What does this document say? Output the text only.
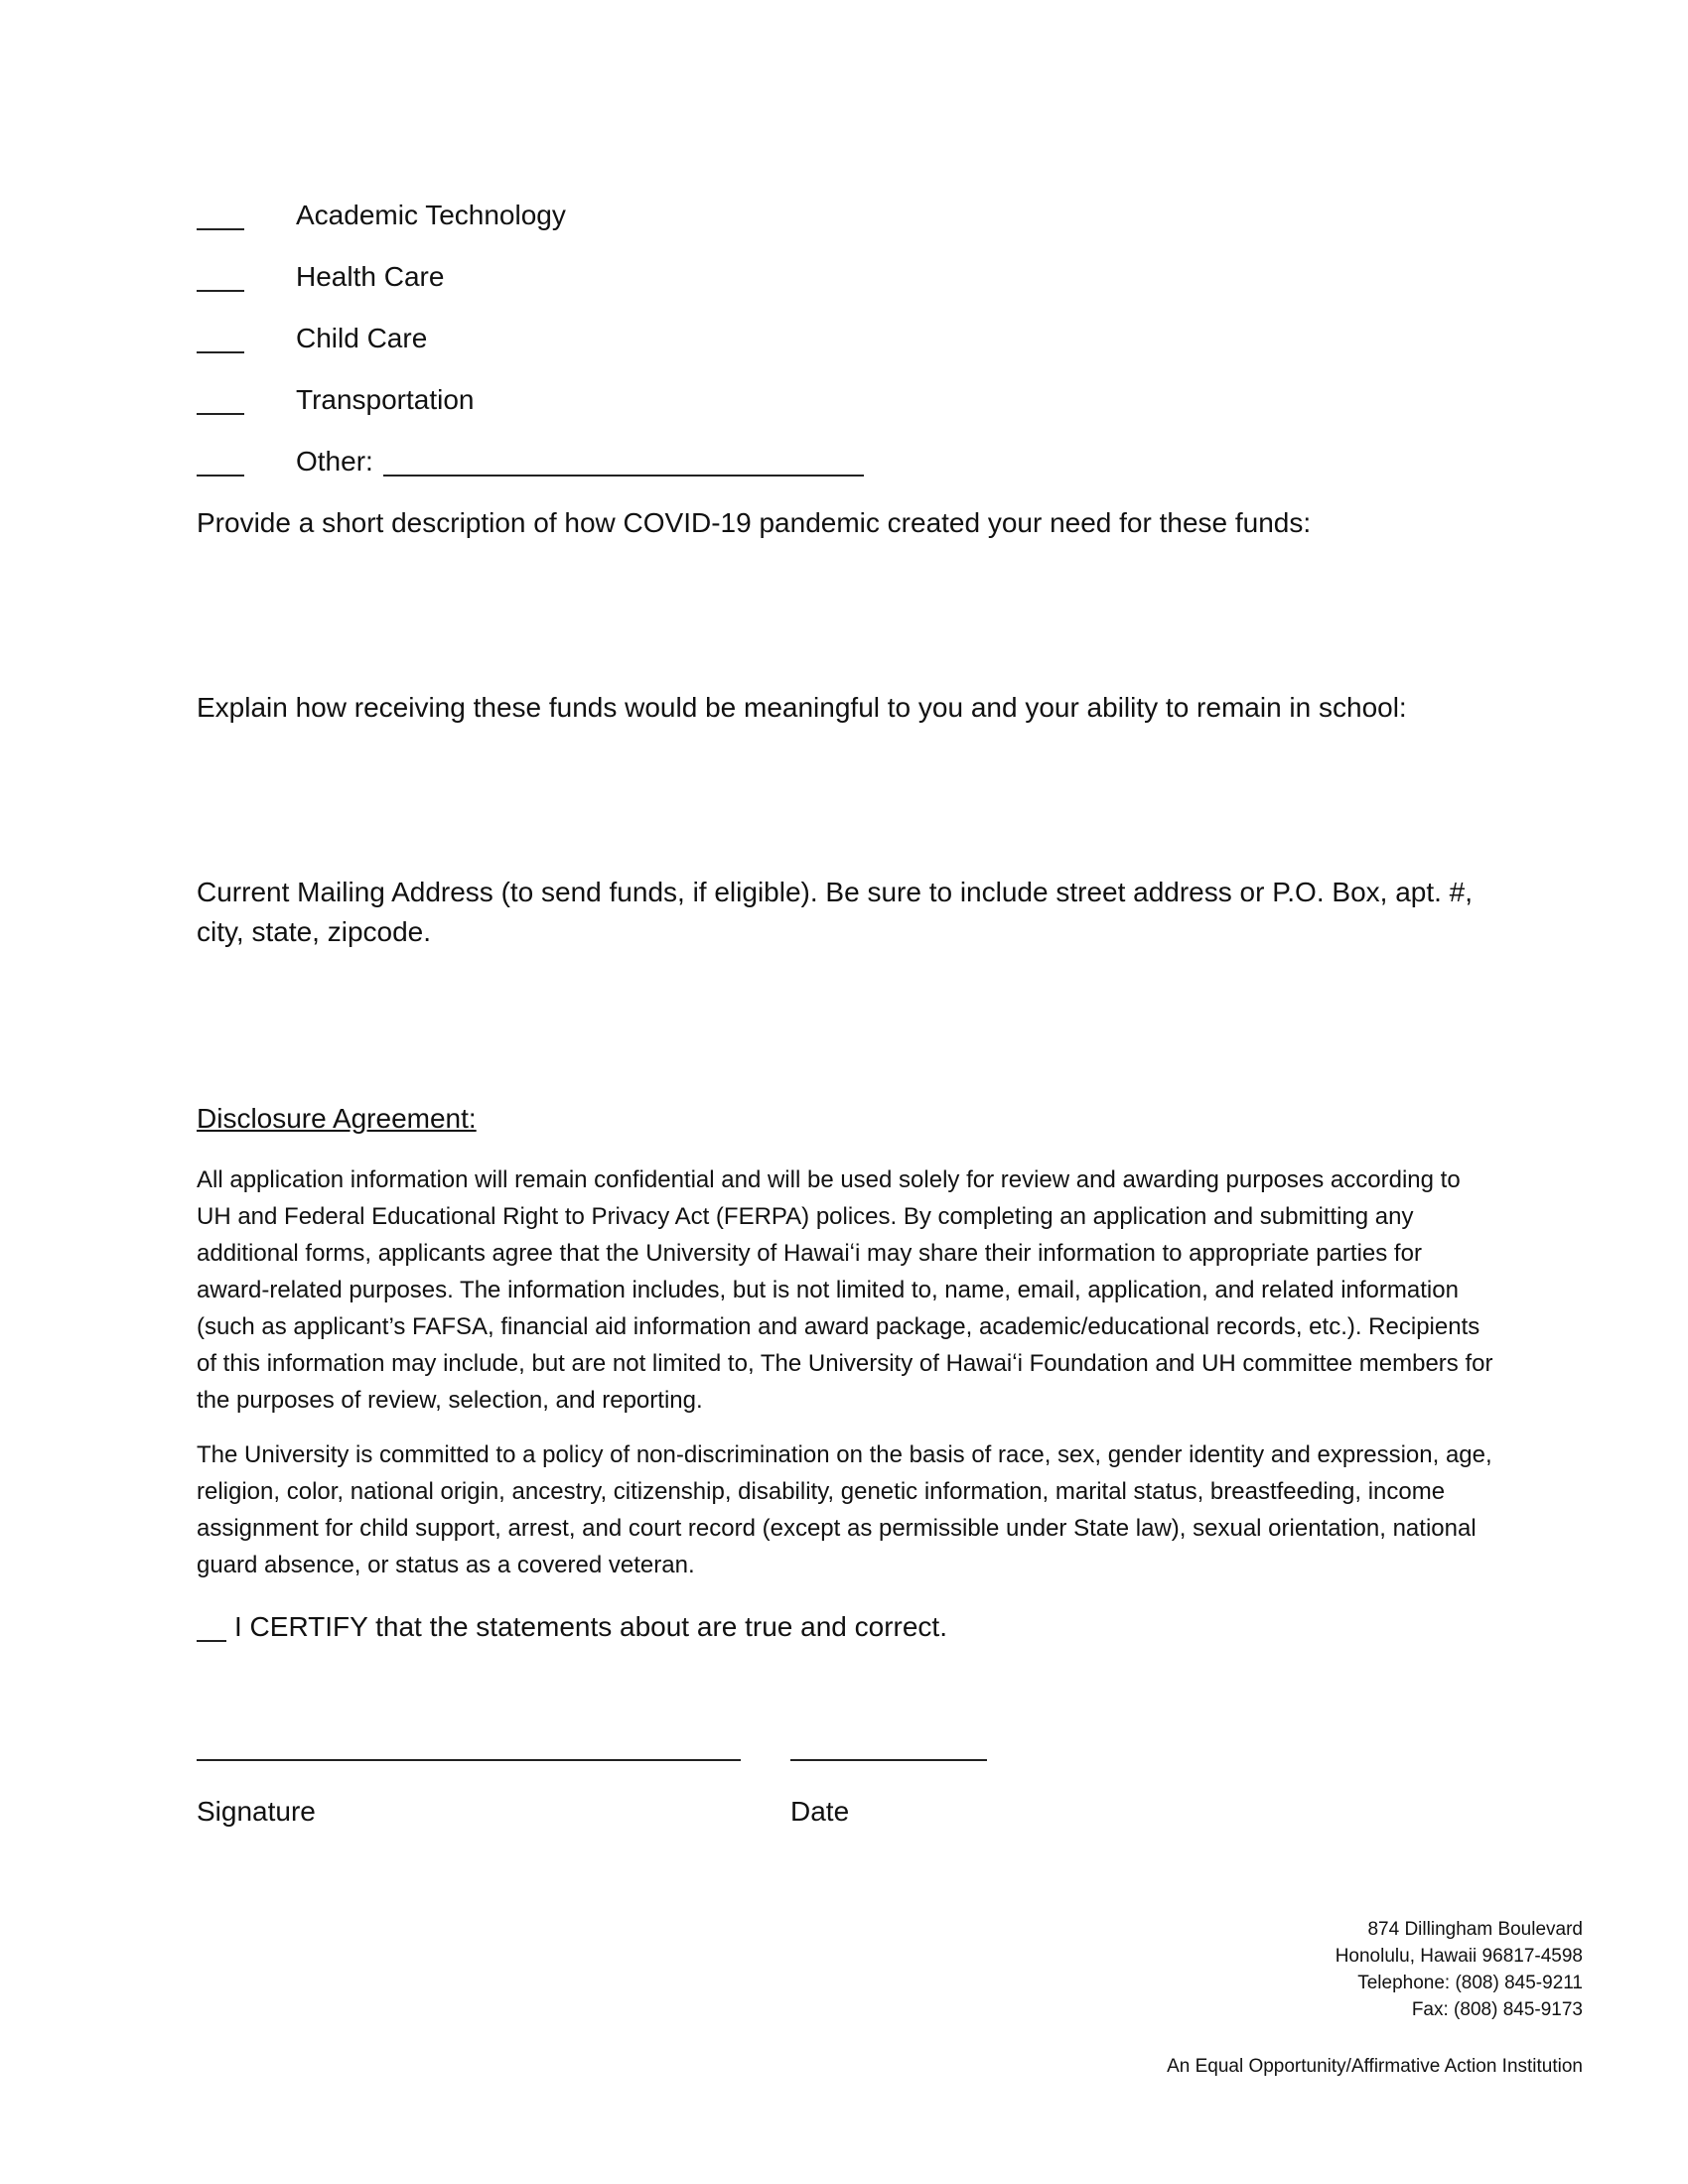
Academic Technology
Health Care
Child Care
Transportation
Other:
Provide a short description of how COVID-19 pandemic created your need for these funds:
Explain how receiving these funds would be meaningful to you and your ability to remain in school:
Current Mailing Address (to send funds, if eligible). Be sure to include street address or P.O. Box, apt. #,
city, state, zipcode.
Disclosure Agreement:
All application information will remain confidential and will be used solely for review and awarding purposes according to UH and Federal Educational Right to Privacy Act (FERPA) polices. By completing an application and submitting any additional forms, applicants agree that the University of Hawaiʻi may share their information to appropriate parties for award-related purposes. The information includes, but is not limited to, name, email, application, and related information (such as applicant’s FAFSA, financial aid information and award package, academic/educational records, etc.). Recipients of this information may include, but are not limited to, The University of Hawaiʻi Foundation and UH committee members for the purposes of review, selection, and reporting.
The University is committed to a policy of non-discrimination on the basis of race, sex, gender identity and expression, age, religion, color, national origin, ancestry, citizenship, disability, genetic information, marital status, breastfeeding, income assignment for child support, arrest, and court record (except as permissible under State law), sexual orientation, national guard absence, or status as a covered veteran.
I CERTIFY that the statements about are true and correct.
Signature	Date
874 Dillingham Boulevard
Honolulu, Hawaii 96817-4598
Telephone: (808) 845-9211
Fax: (808) 845-9173
An Equal Opportunity/Affirmative Action Institution
